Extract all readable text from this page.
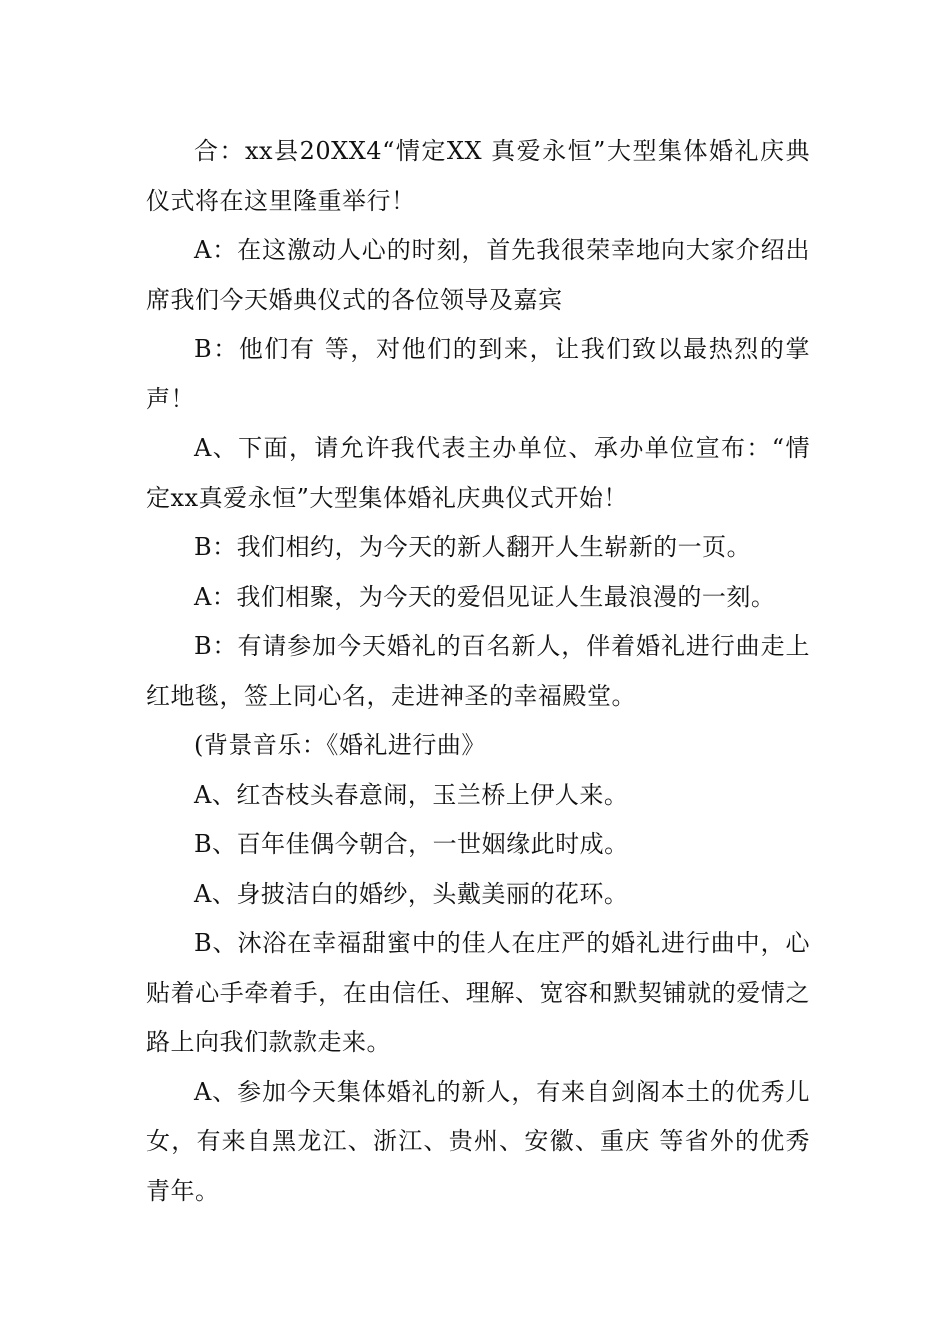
合：xx县20XX4“情定XX 真爱永恒”大型集体婚礼庆典仪式将在这里隆重举行！

A：在这激动人心的时刻，首先我很荣幸地向大家介绍出席我们今天婚典仪式的各位领导及嘉宾

B：他们有 等，对他们的到来，让我们致以最热烈的掌声！

A、下面，请允许我代表主办单位、承办单位宣布：“情定xx真爱永恒”大型集体婚礼庆典仪式开始！

B：我们相约，为今天的新人翻开人生崭新的一页。

A：我们相聚，为今天的爱侣见证人生最浪漫的一刻。

B：有请参加今天婚礼的百名新人，伴着婚礼进行曲走上红地毯，签上同心名，走进神圣的幸福殿堂。

(背景音乐：《婚礼进行曲》

A、红杏枝头春意闹，玉兰桥上伊人来。

B、百年佳偶今朝合，一世姻缘此时成。

A、身披洁白的婚纱，头戴美丽的花环。

B、沐浴在幸福甜蜜中的佳人在庄严的婚礼进行曲中，心贴着心手牵着手，在由信任、理解、宽容和默契铺就的爱情之路上向我们款款走来。

A、参加今天集体婚礼的新人，有来自剑阁本土的优秀儿女，有来自黑龙江、浙江、贵州、安徽、重庆 等省外的优秀青年。
